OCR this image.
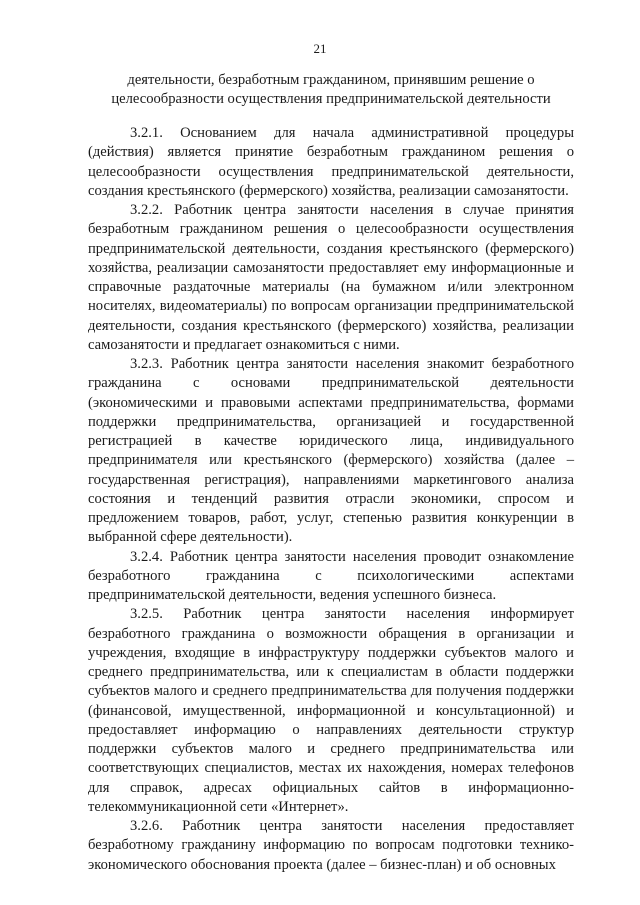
21
деятельности, безработным гражданином, принявшим решение о целесообразности осуществления предпринимательской деятельности

3.2.1. Основанием для начала административной процедуры (действия) является принятие безработным гражданином решения о целесообразности осуществления предпринимательской деятельности, создания крестьянского (фермерского) хозяйства, реализации самозанятости.

3.2.2. Работник центра занятости населения в случае принятия безработным гражданином решения о целесообразности осуществления предпринимательской деятельности, создания крестьянского (фермерского) хозяйства, реализации самозанятости предоставляет ему информационные и справочные раздаточные материалы (на бумажном и/или электронном носителях, видеоматериалы) по вопросам организации предпринимательской деятельности, создания крестьянского (фермерского) хозяйства, реализации самозанятости и предлагает ознакомиться с ними.

3.2.3. Работник центра занятости населения знакомит безработного гражданина с основами предпринимательской деятельности (экономическими и правовыми аспектами предпринимательства, формами поддержки предпринимательства, организацией и государственной регистрацией в качестве юридического лица, индивидуального предпринимателя или крестьянского (фермерского) хозяйства (далее – государственная регистрация), направлениями маркетингового анализа состояния и тенденций развития отрасли экономики, спросом и предложением товаров, работ, услуг, степенью развития конкуренции в выбранной сфере деятельности).

3.2.4. Работник центра занятости населения проводит ознакомление безработного гражданина с психологическими аспектами предпринимательской деятельности, ведения успешного бизнеса.

3.2.5. Работник центра занятости населения информирует безработного гражданина о возможности обращения в организации и учреждения, входящие в инфраструктуру поддержки субъектов малого и среднего предпринимательства, или к специалистам в области поддержки субъектов малого и среднего предпринимательства для получения поддержки (финансовой, имущественной, информационной и консультационной) и предоставляет информацию о направлениях деятельности структур поддержки субъектов малого и среднего предпринимательства или соответствующих специалистов, местах их нахождения, номерах телефонов для справок, адресах официальных сайтов в информационно-телекоммуникационной сети «Интернет».

3.2.6. Работник центра занятости населения предоставляет безработному гражданину информацию по вопросам подготовки технико-экономического обоснования проекта (далее – бизнес-план) и об основных
